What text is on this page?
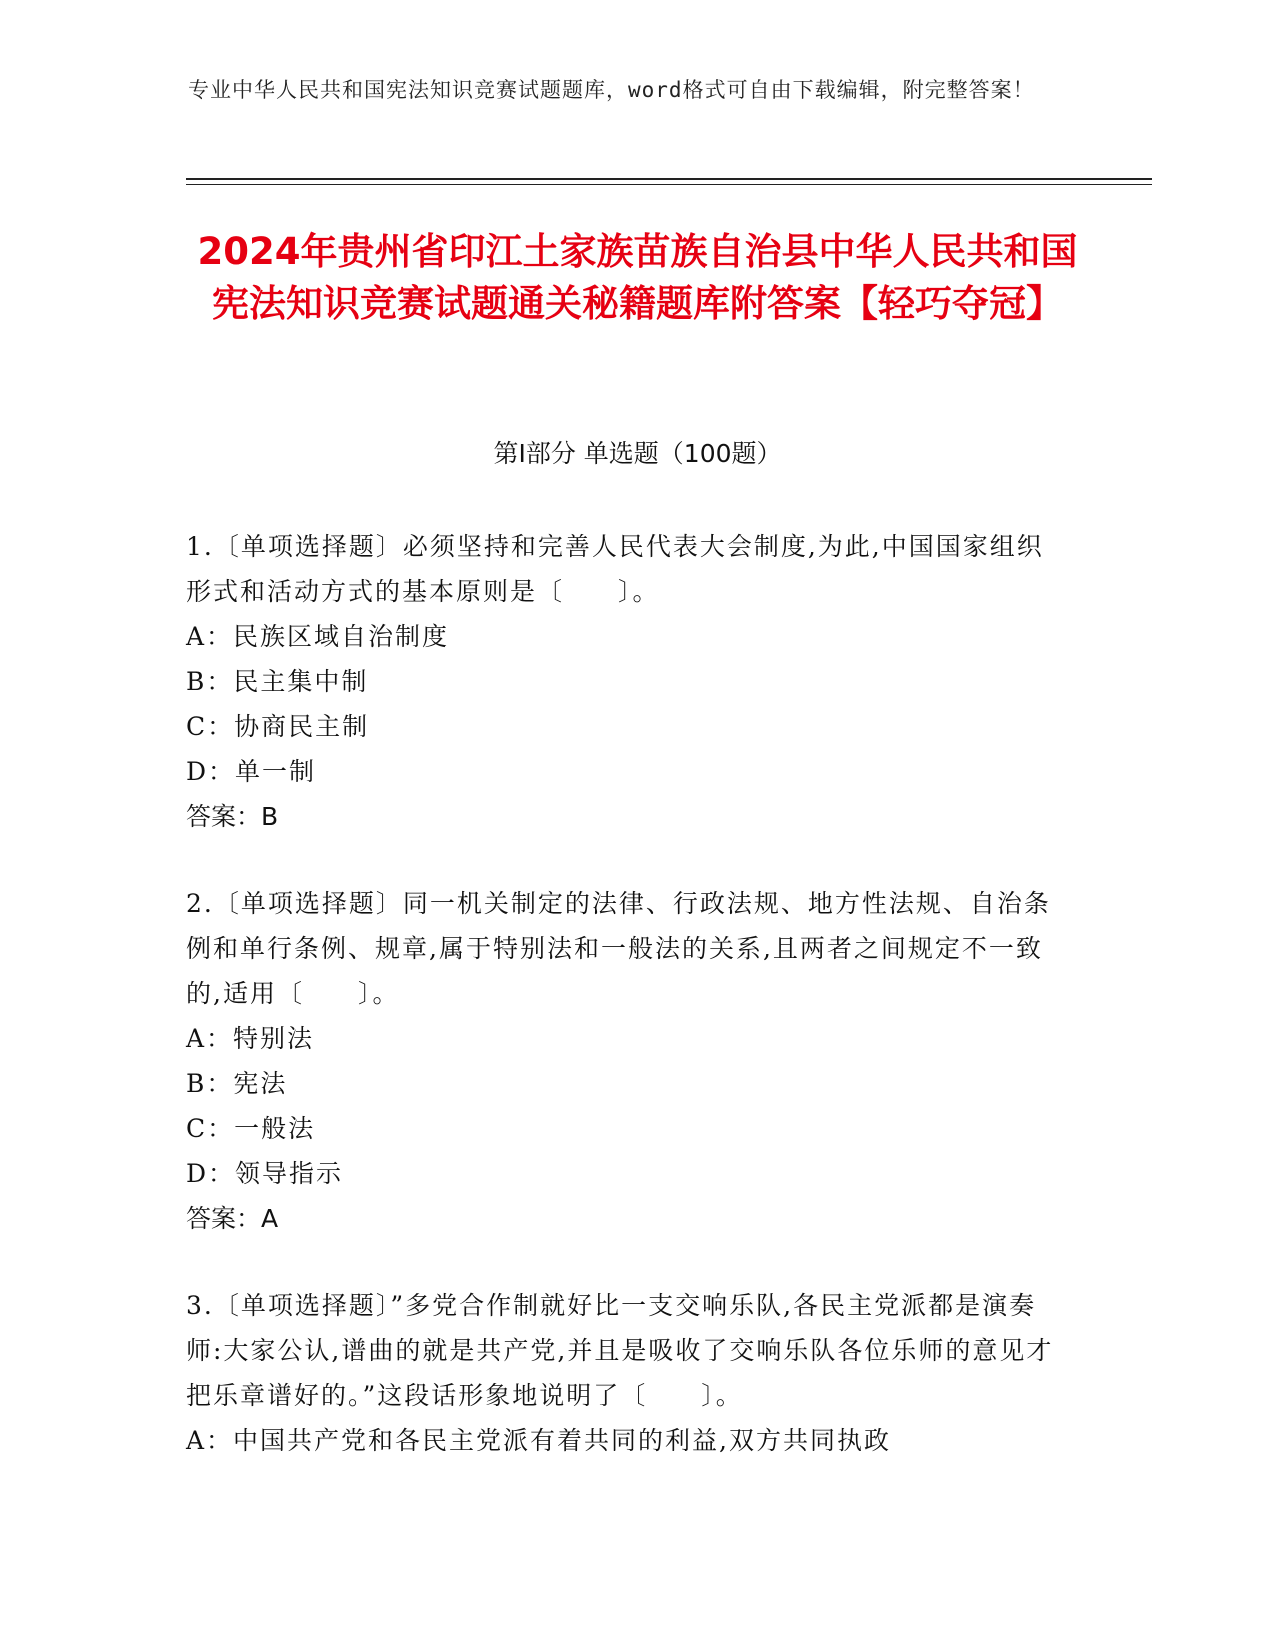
专业中华人民共和国宪法知识竞赛试题题库，word格式可自由下载编辑，附完整答案！
2024年贵州省印江土家族苗族自治县中华人民共和国宪法知识竞赛试题通关秘籍题库附答案【轻巧夺冠】
第Ⅰ部分 单选题（100题）
1.〔单项选择题〕必须坚持和完善人民代表大会制度,为此,中国国家组织形式和活动方式的基本原则是〔　　〕。
A：民族区域自治制度
B：民主集中制
C：协商民主制
D：单一制
答案：B
2.〔单项选择题〕同一机关制定的法律、行政法规、地方性法规、自治条例和单行条例、规章,属于特别法和一般法的关系,且两者之间规定不一致的,适用〔　　〕。
A：特别法
B：宪法
C：一般法
D：领导指示
答案：A
3.〔单项选择题〕”多党合作制就好比一支交响乐队,各民主党派都是演奏师:大家公认,谱曲的就是共产党,并且是吸收了交响乐队各位乐师的意见才把乐章谱好的。”这段话形象地说明了〔　　〕。
A：中国共产党和各民主党派有着共同的利益,双方共同执政
